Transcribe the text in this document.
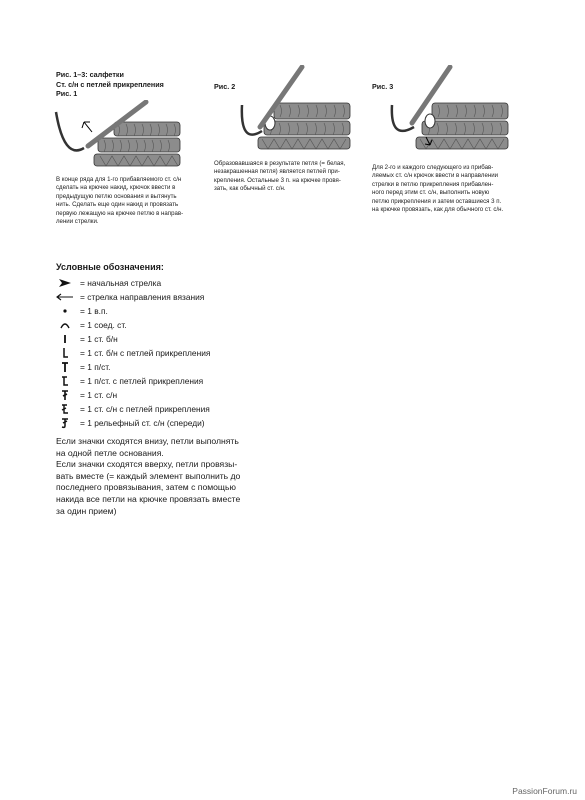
Рис. 1–3: салфетки
Ст. с/н с петлей прикрепления
Рис. 1
Рис. 2	Рис. 3
В конце ряда для 1-го прибавляемого ст. с/н
сделать на крючке накид, крючок ввести в
предыдущую петлю основания и вытянуть
нить. Сделать еще один накид и провязать
первую лежащую на крючке петлю в направ-
лении стрелки.
Образовавшаяся в результате петля (= белая,
незакрашенная петля) является петлей при-
крепления. Остальные 3 п. на крючке провя-
зать, как обычный ст. с/н.
Для 2-го и каждого следующего из прибав-
ляемых ст. с/н крючок ввести в направлении
стрелки в петлю прикрепления прибавлен-
ного перед этим ст. с/н, выполнить новую
петлю прикрепления и затем оставшиеся 3 п.
на крючке провязать, как для обычного ст. с/н.
Условные обозначения:
= начальная стрелка
= стрелка направления вязания
= 1 в.п.
= 1 соед. ст.
= 1 ст. б/н
= 1 ст. б/н с петлей прикрепления
= 1 п/ст.
= 1 п/ст. с петлей прикрепления
= 1 ст. с/н
= 1 ст. с/н с петлей прикрепления
= 1 рельефный ст. с/н (спереди)
Если значки сходятся внизу, петли выполнять
на одной петле основания.
Если значки сходятся вверху, петли провязы-
вать вместе (= каждый элемент выполнить до
последнего провязывания, затем с помощью
накида все петли на крючке провязать вместе
за один прием)
PassionForum.ru
